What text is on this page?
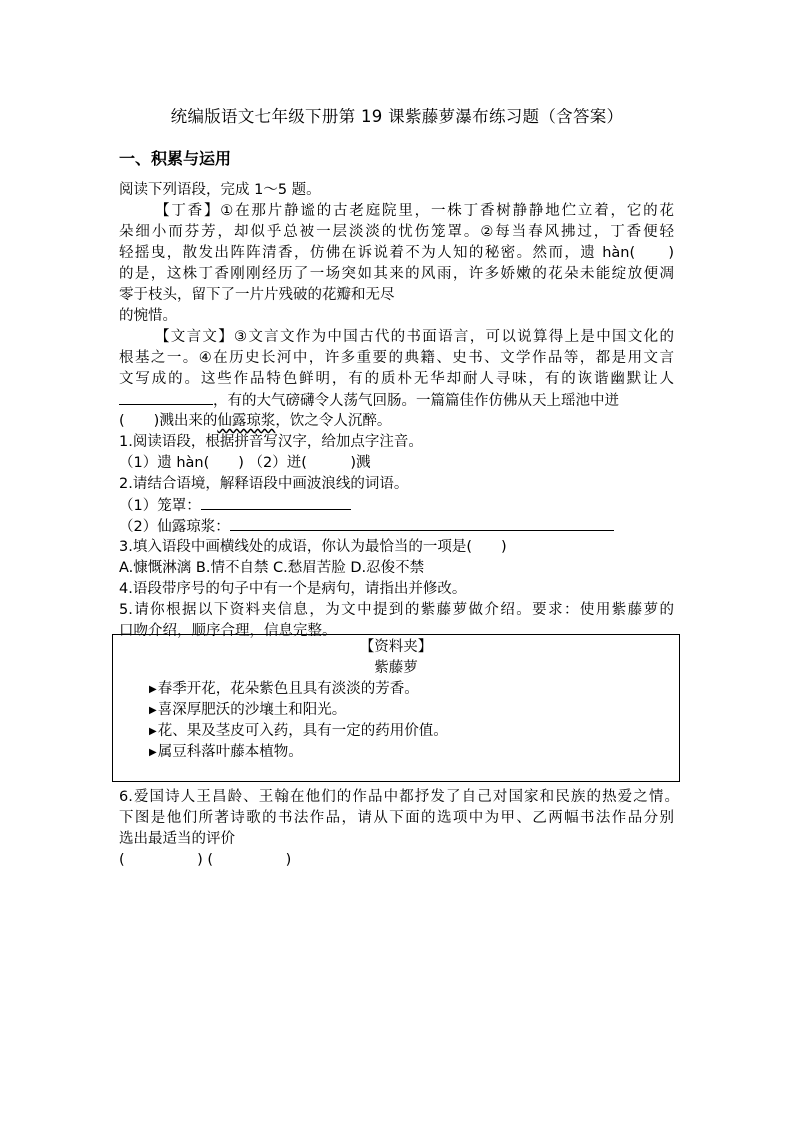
统编版语文七年级下册第 19 课紫藤萝瀑布练习题（含答案）
一、积累与运用
阅读下列语段，完成 1～5 题。
【丁香】①在那片静谧的古老庭院里，一株丁香树静静地伫立着，它的花
朵细小而芬芳，却似乎总被一层淡淡的忧伤笼罩。②每当春风拂过，丁香便轻
轻摇曳，散发出阵阵清香，仿佛在诉说着不为人知的秘密。然而，遗 hàn(　　)
的是，这株丁香刚刚经历了一场突如其来的风雨，许多娇嫩的花朵未能绽放便凋
零于枝头，留下了一片片残破的花瓣和无尽
的惋惜。
【文言文】③文言文作为中国古代的书面语言，可以说算得上是中国文化的
根基之一。④在历史长河中，许多重要的典籍、史书、文学作品等，都是用文言
文写成的。这些作品特色鲜明，有的质朴无华却耐人寻味，有的诙谐幽默让人
，有的大气磅礴令人荡气回肠。一篇篇佳作仿佛从天上瑶池中迸
(　　)溅出来的仙露琼浆，饮之令人沉醉。
1.阅读语段，根据拼音写汉字，给加点字注音。
（1）遗 hàn(　　) （2）迸(　　　)溅
2.请结合语境，解释语段中画波浪线的词语。
（1）笼罩：
（2）仙露琼浆：
3.填入语段中画横线处的成语，你认为最恰当的一项是(　　)
A.慷慨淋漓 B.情不自禁 C.愁眉苦脸 D.忍俊不禁
4.语段带序号的句子中有一个是病句，请指出并修改。
5.请你根据以下资料夹信息，为文中提到的紫藤萝做介绍。要求：使用紫藤萝的
口吻介绍，顺序合理，信息完整。
【资料夹】
紫藤萝
▶春季开花，花朵紫色且具有淡淡的芳香。
▶喜深厚肥沃的沙壤土和阳光。
▶花、果及茎皮可入药，具有一定的药用价值。
▶属豆科落叶藤本植物。
6.爱国诗人王昌龄、王翰在他们的作品中都抒发了自己对国家和民族的热爱之情。
下图是他们所著诗歌的书法作品，请从下面的选项中为甲、乙两幅书法作品分别
选出最适当的评价
(　　　　　) (　　　　　)
